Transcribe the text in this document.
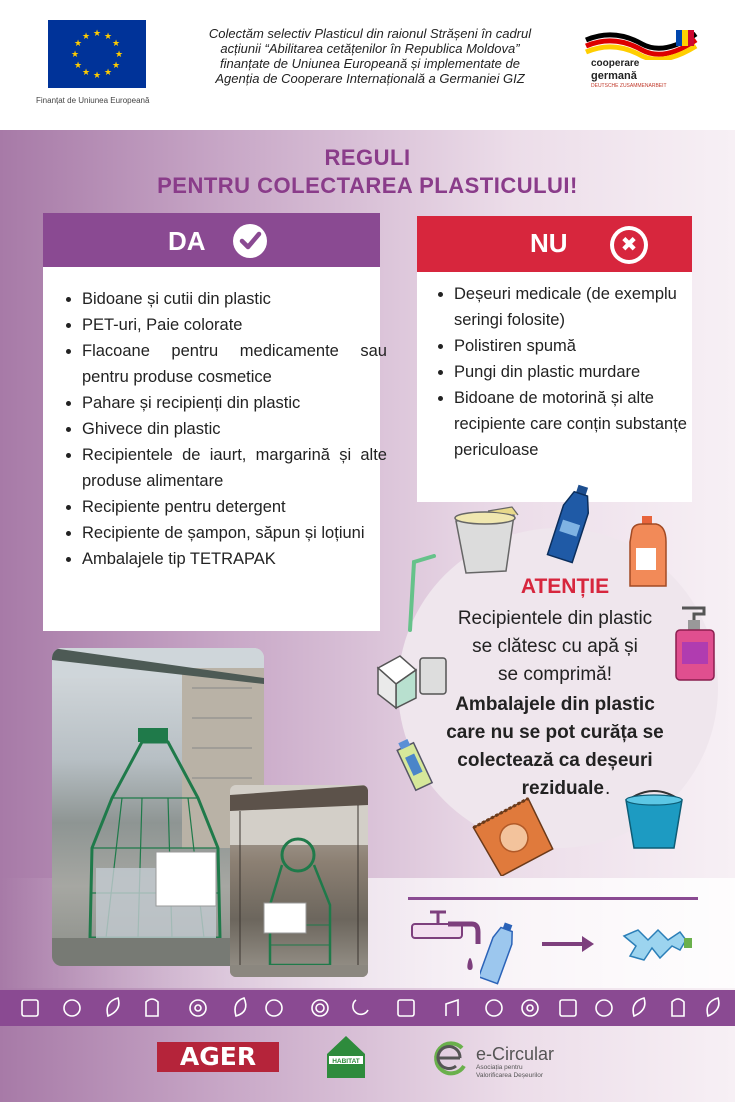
★ ★
★
★
★
★
★
★
★
★
★
★
Finanțat de Uniunea Europeană
Colectăm selectiv Plasticul din raionul Strășeni în cadrul
acțiunii “Abilitarea cetățenilor în Republica Moldova”
finanțate de Uniunea Europeană și implementate de
Agenția de Cooperare Internațională a Germaniei GIZ
cooperare
germană
DEUTSCHE ZUSAMMENARBEIT
REGULI
PENTRU COLECTAREA PLASTICULUI!
DA
• Bidoane și cutii din plastic
• PET-uri, Paie colorate
• Flacoane pentru medicamente sau pentru produse cosmetice
• Pahare și recipienți din plastic
• Ghivece din plastic
• Recipientele de iaurt, margarină și alte produse alimentare
• Recipiente pentru detergent
• Recipiente de șampon, săpun și loțiuni
• Ambalajele tip TETRAPAK
NU	✖
• Deșeuri medicale (de exemplu seringi folosite)
• Polistiren spumă
• Pungi din plastic murdare
• Bidoane de motorină și alte recipiente care conțin substanțe periculoase
ATENȚIE
Recipientele din plastic
se clătesc cu apă și
se comprimă!
Ambalajele din plastic
care nu se pot curăța se
colectează ca deșeuri
reziduale .
AGER	HABITAT	e-Circular
Asociația pentru
Valorificarea Deșeurilor
